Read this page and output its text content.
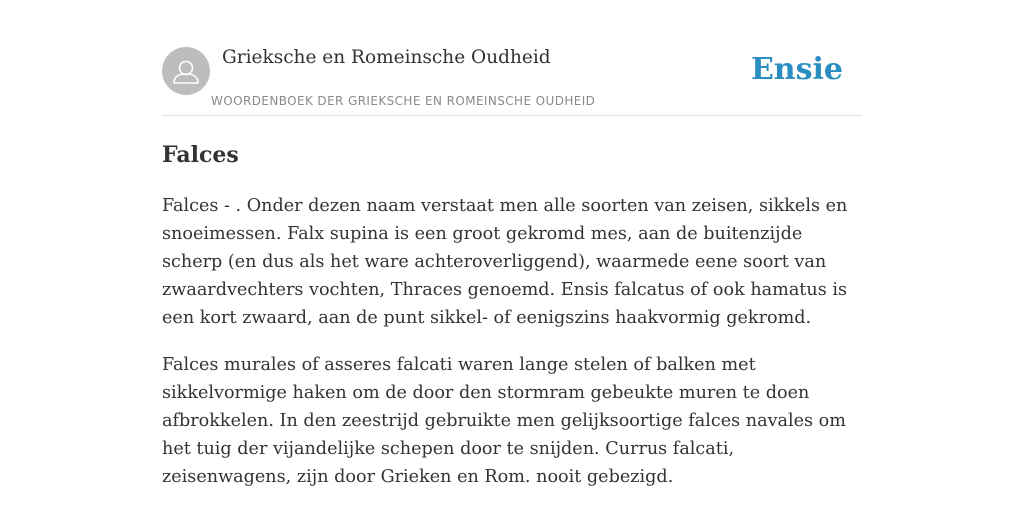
Grieksche en Romeinsche Oudheid
WOORDENBOEK DER GRIEKSCHE EN ROMEINSCHE OUDHEID
Ensie
Falces

Falces - . Onder dezen naam verstaat men alle soorten van zeisen, sikkels en snoeimessen. Falx supina is een groot gekromd mes, aan de buitenzijde scherp (en dus als het ware achteroverliggend), waarmede eene soort van zwaardvechters vochten, Thraces genoemd. Ensis falcatus of ook hamatus is een kort zwaard, aan de punt sikkel- of eenigszins haakvormig gekromd.

Falces murales of asseres falcati waren lange stelen of balken met sikkelvormige haken om de door den stormram gebeukte muren te doen afbrokkelen. In den zeestrijd gebruikte men gelijksoortige falces navales om het tuig der vijandelijke schepen door te snijden. Currus falcati, zeisenwagens, zijn door Grieken en Rom. nooit gebezigd.
